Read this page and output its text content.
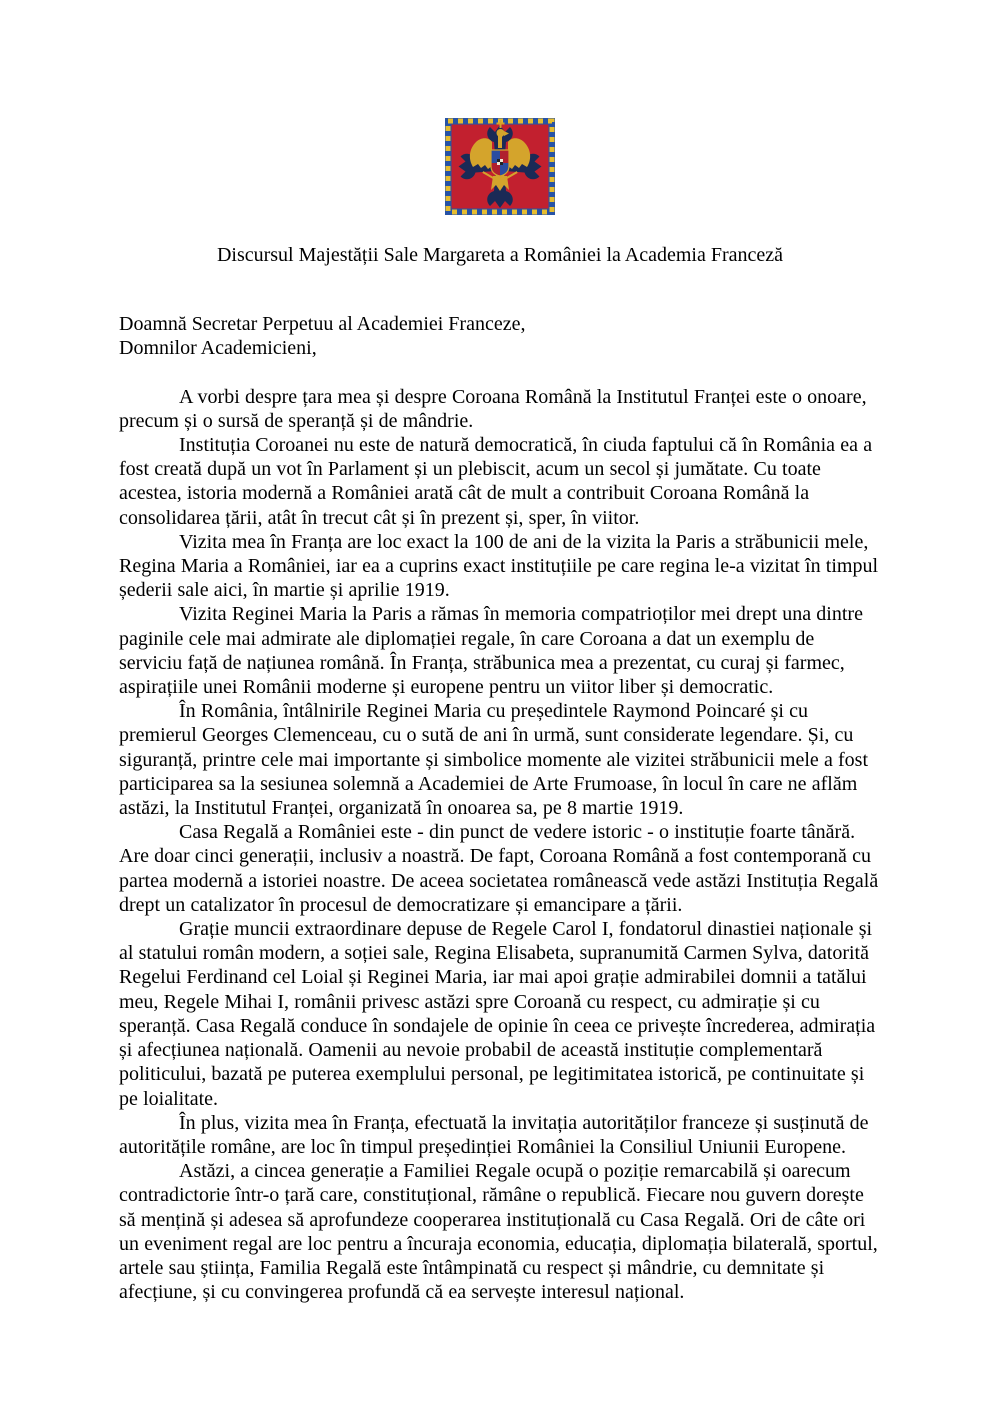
Discursul Majestății Sale Margareta a României la Academia Franceză

Doamnă Secretar Perpetuu al Academiei Franceze,

Domnilor Academicieni,

A vorbi despre țara mea și despre Coroana Română la Institutul Franței este o onoare, precum și o sursă de speranță și de mândrie.

Instituția Coroanei nu este de natură democratică, în ciuda faptului că în România ea a fost creată după un vot în Parlament și un plebiscit, acum un secol și jumătate. Cu toate acestea, istoria modernă a României arată cât de mult a contribuit Coroana Română la consolidarea țării, atât în trecut cât și în prezent și, sper, în viitor.

Vizita mea în Franța are loc exact la 100 de ani de la vizita la Paris a străbunicii mele, Regina Maria a României, iar ea a cuprins exact instituțiile pe care regina le-a vizitat în timpul șederii sale aici, în martie și aprilie 1919.

Vizita Reginei Maria la Paris a rămas în memoria compatrioților mei drept una dintre paginile cele mai admirate ale diplomației regale, în care Coroana a dat un exemplu de serviciu față de națiunea română. În Franța, străbunica mea a prezentat, cu curaj și farmec, aspirațiile unei Românii moderne și europene pentru un viitor liber și democratic.

În România, întâlnirile Reginei Maria cu președintele Raymond Poincaré și cu premierul Georges Clemenceau, cu o sută de ani în urmă, sunt considerate legendare. Și, cu siguranță, printre cele mai importante și simbolice momente ale vizitei străbunicii mele a fost participarea sa la sesiunea solemnă a Academiei de Arte Frumoase, în locul în care ne aflăm astăzi, la Institutul Franței, organizată în onoarea sa, pe 8 martie 1919.

Casa Regală a României este - din punct de vedere istoric - o instituție foarte tânără. Are doar cinci generații, inclusiv a noastră. De fapt, Coroana Română a fost contemporană cu partea modernă a istoriei noastre. De aceea societatea românească vede astăzi Instituția Regală drept un catalizator în procesul de democratizare și emancipare a țării.

Grație muncii extraordinare depuse de Regele Carol I, fondatorul dinastiei naționale și al statului român modern, a soției sale, Regina Elisabeta, supranumită Carmen Sylva, datorită Regelui Ferdinand cel Loial și Reginei Maria, iar mai apoi grație admirabilei domnii a tatălui meu, Regele Mihai I, românii privesc astăzi spre Coroană cu respect, cu admirație și cu speranță. Casa Regală conduce în sondajele de opinie în ceea ce privește încrederea, admirația și afecțiunea națională. Oamenii au nevoie probabil de această instituție complementară politicului, bazată pe puterea exemplului personal, pe legitimitatea istorică, pe continuitate și pe loialitate.

În plus, vizita mea în Franța, efectuată la invitația autorităților franceze și susținută de autoritățile române, are loc în timpul președinției României la Consiliul Uniunii Europene.

Astăzi, a cincea generație a Familiei Regale ocupă o poziție remarcabilă și oarecum contradictorie într-o țară care, constituțional, rămâne o republică. Fiecare nou guvern dorește să mențină și adesea să aprofundeze cooperarea instituțională cu Casa Regală. Ori de câte ori un eveniment regal are loc pentru a încuraja economia, educația, diplomația bilaterală, sportul, artele sau știința, Familia Regală este întâmpinată cu respect și mândrie, cu demnitate și afecțiune, și cu convingerea profundă că ea servește interesul național.
